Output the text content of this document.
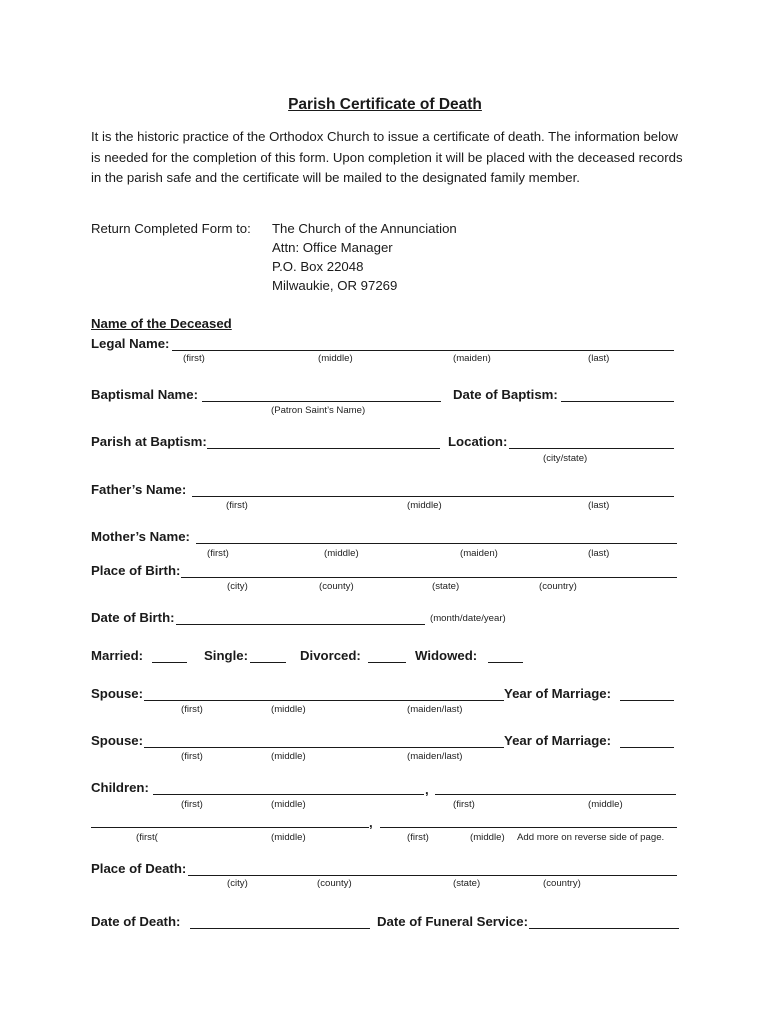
Parish Certificate of Death
It is the historic practice of the Orthodox Church to issue a certificate of death. The information below is needed for the completion of this form. Upon completion it will be placed with the deceased records in the parish safe and the certificate will be mailed to the designated family member.
Return Completed Form to: The Church of the Annunciation
Attn: Office Manager
P.O. Box 22048
Milwaukie, OR 97269
Name of the Deceased
Legal Name:
(first)	(middle)	(maiden)	(last)
Baptismal Name:
(Patron Saint’s Name)
Date of Baptism:
Parish at Baptism:	Location:
(city/state)
Father’s Name:
(first)	(middle)	(last)
Mother’s Name:
(first)	(middle)	(maiden)	(last)
Place of Birth:
(city)	(county)	(state)	(country)
Date of Birth:	(month/date/year)
Married:	Single:	Divorced:	Widowed:
Spouse:	Year of Marriage:
(first)	(middle)	(maiden/last)
Spouse:	Year of Marriage:
(first)	(middle)	(maiden/last)
Children:	,
(first)	(middle)	(first)	(middle)
,
(first(	(middle)	(first)	(middle) Add more on reverse side of page.
Place of Death:
(city)	(county)	(state)	(country)
Date of Death:	Date of Funeral Service:
